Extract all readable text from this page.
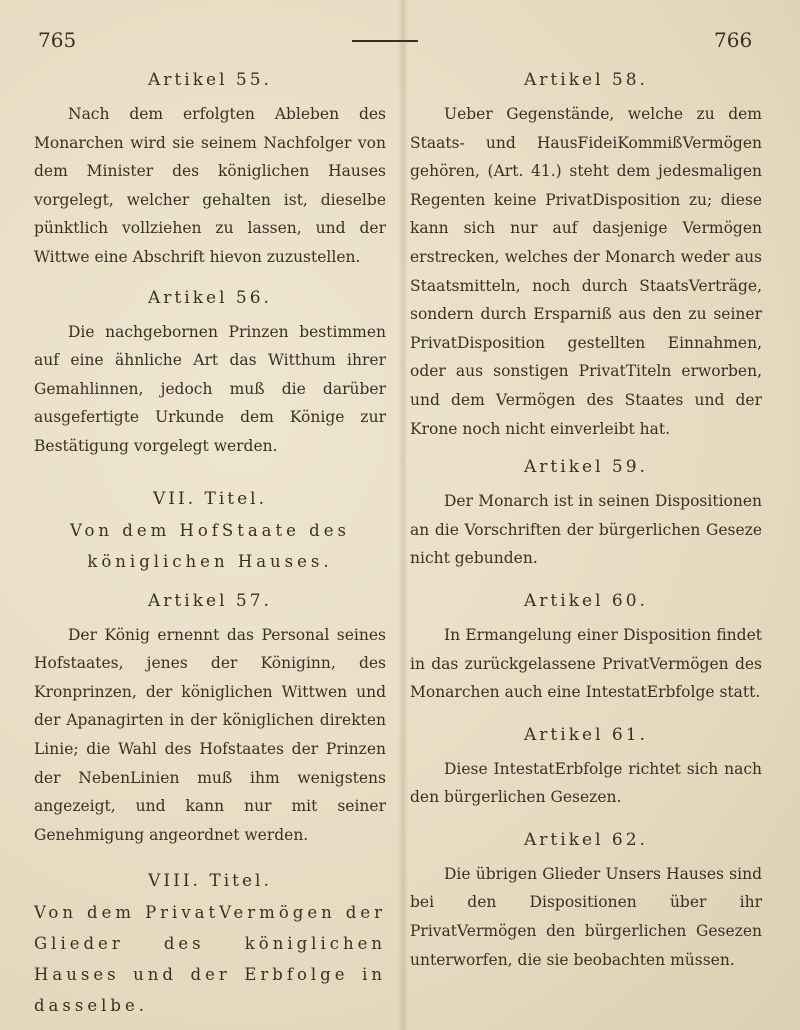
765	766
Artikel 55.

Nach dem erfolgten Ableben des Monarchen wird sie seinem Nachfolger von dem Minister des königlichen Hauses vorgelegt, welcher gehalten ist, dieselbe pünktlich vollziehen zu lassen, und der Wittwe eine Abschrift hievon zuzustellen.

Artikel 56.

Die nachgebornen Prinzen bestimmen auf eine ähnliche Art das Witthum ihrer Gemahlinnen, jedoch muß die darüber ausgefertigte Urkunde dem Könige zur Bestätigung vorgelegt werden.

VII. Titel.

Von dem HofStaate des königlichen Hauses.

Artikel 57.

Der König ernennt das Personal seines Hofstaates, jenes der Königinn, des Kronprinzen, der königlichen Wittwen und der Apanagirten in der königlichen direkten Linie; die Wahl des Hofstaates der Prinzen der NebenLinien muß ihm wenigstens angezeigt, und kann nur mit seiner Genehmigung angeordnet werden.

VIII. Titel.

Von dem PrivatVermögen der Glieder des königlichen Hauses und der Erbfolge in dasselbe.

Artikel 58.

Ueber Gegenstände, welche zu dem Staats- und HausFideiKommißVermögen gehören, (Art. 41.) steht dem jedesmaligen Regenten keine PrivatDisposition zu; diese kann sich nur auf dasjenige Vermögen erstrecken, welches der Monarch weder aus Staatsmitteln, noch durch StaatsVerträge, sondern durch Ersparniß aus den zu seiner PrivatDisposition gestellten Einnahmen, oder aus sonstigen PrivatTiteln erworben, und dem Vermögen des Staates und der Krone noch nicht einverleibt hat.

Artikel 59.

Der Monarch ist in seinen Dispositionen an die Vorschriften der bürgerlichen Geseze nicht gebunden.

Artikel 60.

In Ermangelung einer Disposition findet in das zurückgelassene PrivatVermögen des Monarchen auch eine IntestatErbfolge statt.

Artikel 61.

Diese IntestatErbfolge richtet sich nach den bürgerlichen Gesezen.

Artikel 62.

Die übrigen Glieder Unsers Hauses sind bei den Dispositionen über ihr PrivatVermögen den bürgerlichen Gesezen unterworfen, die sie beobachten müssen.
